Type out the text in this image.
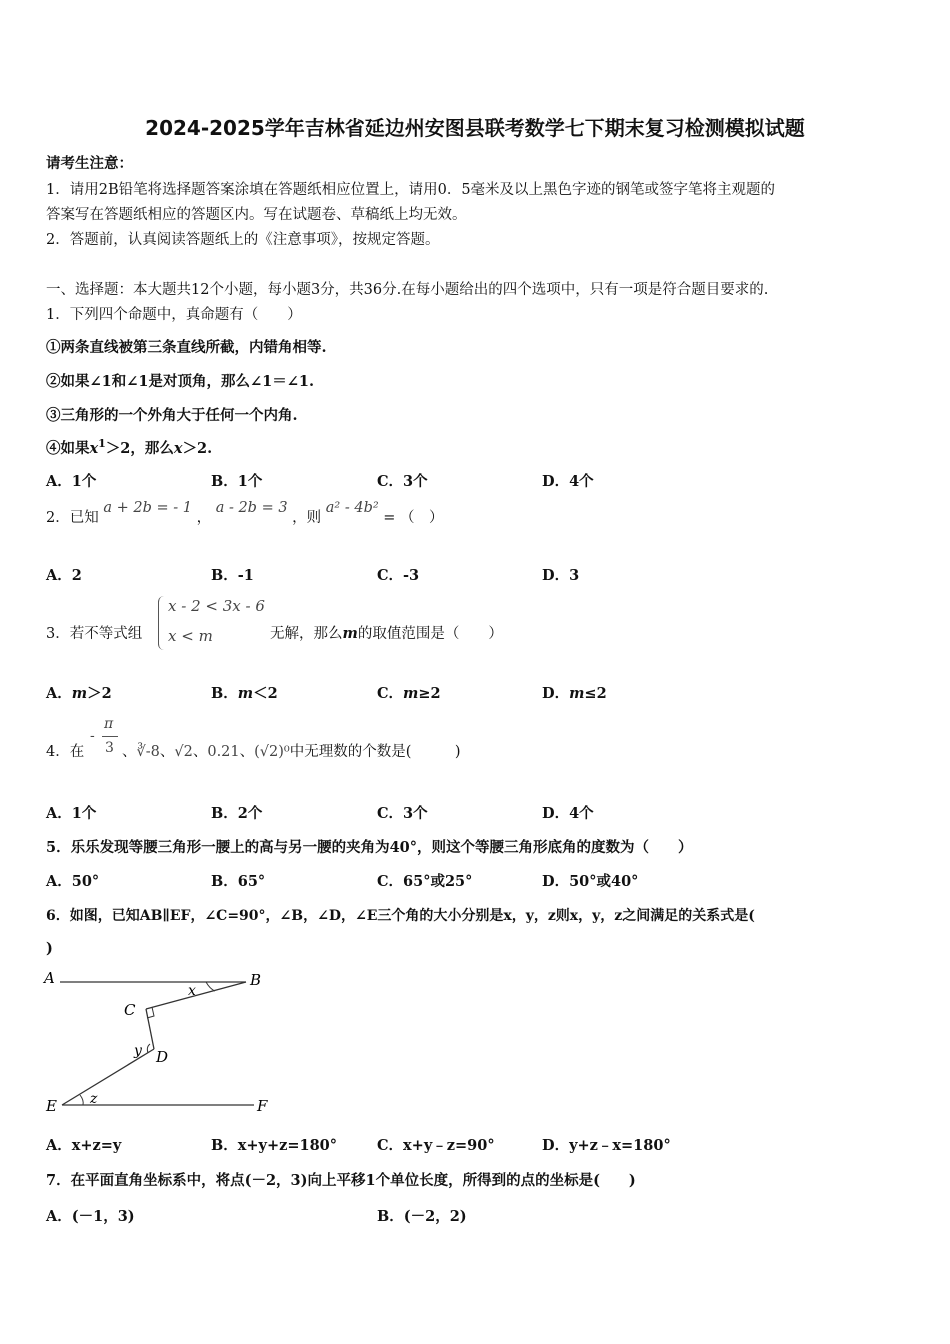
2024-2025学年吉林省延边州安图县联考数学七下期末复习检测模拟试题
请考生注意：
1．请用2B铅笔将选择题答案涂填在答题纸相应位置上，请用0．5毫米及以上黑色字迹的钢笔或签字笔将主观题的
答案写在答题纸相应的答题区内。写在试题卷、草稿纸上均无效。
2．答题前，认真阅读答题纸上的《注意事项》，按规定答题。
一、选择题：本大题共12个小题，每小题3分，共36分.在每小题给出的四个选项中，只有一项是符合题目要求的.
1．下列四个命题中，真命题有（　　）
①两条直线被第三条直线所截，内错角相等.
②如果∠1和∠1是对顶角，那么∠1＝∠1.
③三角形的一个外角大于任何一个内角.
④如果$x^1>2$，那么x＞2.
A．1个	B．1个	C．3个	D．4个
2．已知 a + 2b = - 1 ， a - 2b = 3 ，则 a² - 4b² = （　）
A．2	B．-1	C．-3	D．3
3．若不等式组
x - 2 < 3x - 6
x < m	无解，那么m的取值范围是（　　）
A．m＞2	B．m＜2	C．m≥2	D．m≤2
4．在
-
π
3 、∛-8、√2、0.21、(√2)⁰中无理数的个数是(　　　)
A．1个	B．2个	C．3个	D．4个
5．乐乐发现等腰三角形一腰上的高与另一腰的夹角为40°，则这个等腰三角形底角的度数为（　　）
A．50°	B．65°	C．65°或25°	D．50°或40°
6．如图，已知AB∥EF，∠C=90°，∠B，∠D，∠E三个角的大小分别是x，y，z则x，y，z之间满足的关系式是(
)
A	B
C
D
E	F
x
y
z
A．x+z=y	B．x+y+z=180°	C．x+y﹣z=90°	D．y+z﹣x=180°
7．在平面直角坐标系中，将点(－2，3)向上平移1个单位长度，所得到的点的坐标是(　　)
A．(－1，3)	B．(－2，2)
